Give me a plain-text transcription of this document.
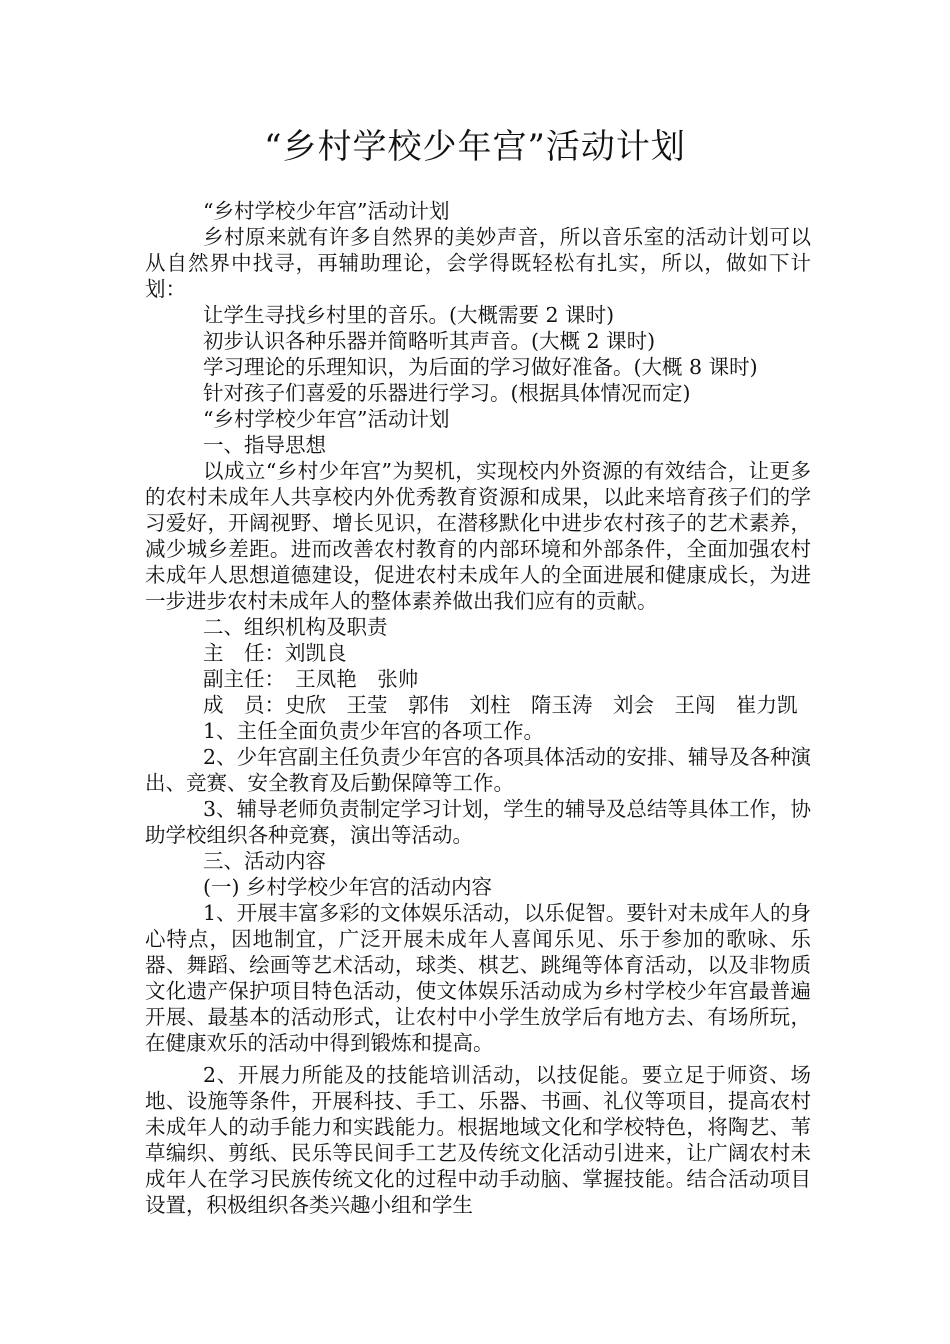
“乡村学校少年宫”活动计划

“乡村学校少年宫”活动计划

乡村原来就有许多自然界的美妙声音，所以音乐室的活动计划可以从自然界中找寻，再辅助理论，会学得既轻松有扎实，所以，做如下计划：

让学生寻找乡村里的音乐。(大概需要 2 课时)

初步认识各种乐器并简略听其声音。(大概 2 课时)

学习理论的乐理知识，为后面的学习做好准备。(大概 8 课时)

针对孩子们喜爱的乐器进行学习。(根据具体情况而定)

“乡村学校少年宫”活动计划

一、指导思想

以成立“乡村少年宫”为契机，实现校内外资源的有效结合，让更多的农村未成年人共享校内外优秀教育资源和成果，以此来培育孩子们的学习爱好，开阔视野、增长见识，在潜移默化中进步农村孩子的艺术素养，减少城乡差距。进而改善农村教育的内部环境和外部条件，全面加强农村未成年人思想道德建设，促进农村未成年人的全面进展和健康成长，为进一步进步农村未成年人的整体素养做出我们应有的贡献。

二、组织机构及职责

主　任：刘凯良

副主任：　王凤艳　张帅

成　员：史欣　王莹　郭伟　刘柱　隋玉涛　刘会　王闯　崔力凯

1、主任全面负责少年宫的各项工作。

2、少年宫副主任负责少年宫的各项具体活动的安排、辅导及各种演出、竞赛、安全教育及后勤保障等工作。

3、辅导老师负责制定学习计划，学生的辅导及总结等具体工作，协助学校组织各种竞赛，演出等活动。

三、活动内容

(一) 乡村学校少年宫的活动内容

1、开展丰富多彩的文体娱乐活动，以乐促智。要针对未成年人的身心特点，因地制宜，广泛开展未成年人喜闻乐见、乐于参加的歌咏、乐器、舞蹈、绘画等艺术活动，球类、棋艺、跳绳等体育活动，以及非物质文化遗产保护项目特色活动，使文体娱乐活动成为乡村学校少年宫最普遍开展、最基本的活动形式，让农村中小学生放学后有地方去、有场所玩，在健康欢乐的活动中得到锻炼和提高。

2、开展力所能及的技能培训活动，以技促能。要立足于师资、场地、设施等条件，开展科技、手工、乐器、书画、礼仪等项目，提高农村未成年人的动手能力和实践能力。根据地域文化和学校特色，将陶艺、苇草编织、剪纸、民乐等民间手工艺及传统文化活动引进来，让广阔农村未成年人在学习民族传统文化的过程中动手动脑、掌握技能。结合活动项目设置，积极组织各类兴趣小组和学生
